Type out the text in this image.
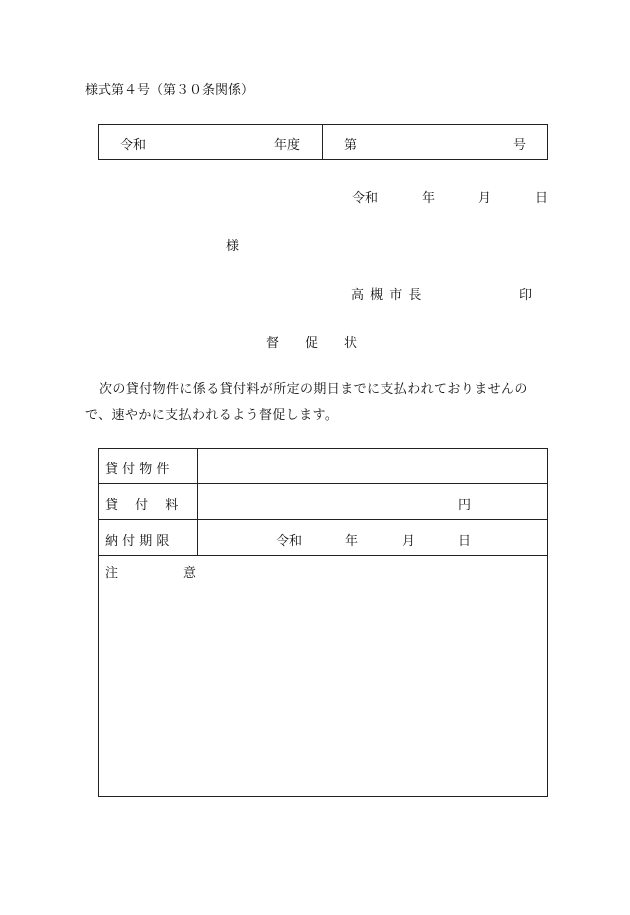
様式第４号（第３０条関係）
令和	年度	第	号
令和	年	月	日
様
高 槻 市 長	印
督　　促　　状
次の貸付物件に係る貸付料が所定の期日までに支払われておりませんの
で、速やかに支払われるよう督促します。
貸 付 物 件
貸　 付　 料	円
納 付 期 限	令和	年	月	日
注　　　　　意
